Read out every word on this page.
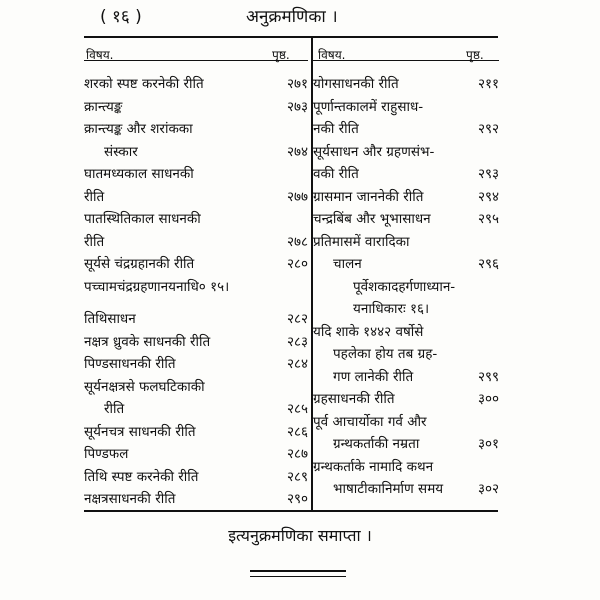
( १६ )	अनुक्रमणिका ।
विषय.	पृष्ठ. विषय.	पृष्ठ.
शरको स्पष्ट करनेकी रीति	२७१
क्रान्त्यङ्क	२७३
क्रान्त्यङ्क और शरांकका
संस्कार	२७४
घातमध्यकाल साधनकी
रीति	२७७
पातस्थितिकाल साधनकी
रीति	२७८
सूर्यसे चंद्रग्रहानकी रीति	२८०
पच्चामचंद्रग्रहणानयनाधि० १५।
तिथिसाधन	२८२
नक्षत्र ध्रुवके साधनकी रीति	२८३
पिण्डसाधनकी रीति	२८४
सूर्यनक्षत्रसे फलघटिकाकी
रीति	२८५
सूर्यनचत्र साधनकी रीति	२८६
पिण्डफल	२८७
तिथि स्पष्ट करनेकी रीति	२८९
नक्षत्रसाधनकी रीति	२९०
योगसाधनकी रीति	२११
पूर्णान्तकालमें राहुसाध-
नकी रीति	२९२
सूर्यसाधन और ग्रहणसंभ-
वकी रीति	२९३
ग्रासमान जाननेकी रीति	२९४
चन्द्रबिंब और भूभासाधन	२९५
प्रतिमासमें वारादिका
चालन	२९६
पूर्वेशकादहर्गणाध्यान-
यनाधिकारः १६।
यदि शाके १४४२ वर्षोसे
पहलेका होय तब ग्रह-
गण लानेकी रीति	२९९
ग्रहसाधनकी रीति	३००
पूर्व आचार्योका गर्व और
ग्रन्थकर्ताकी नम्रता	३०१
ग्रन्थकर्ताके नामादि कथन
भाषाटीकानिर्माण समय	३०२
इत्यनुक्रमणिका समाप्ता ।
